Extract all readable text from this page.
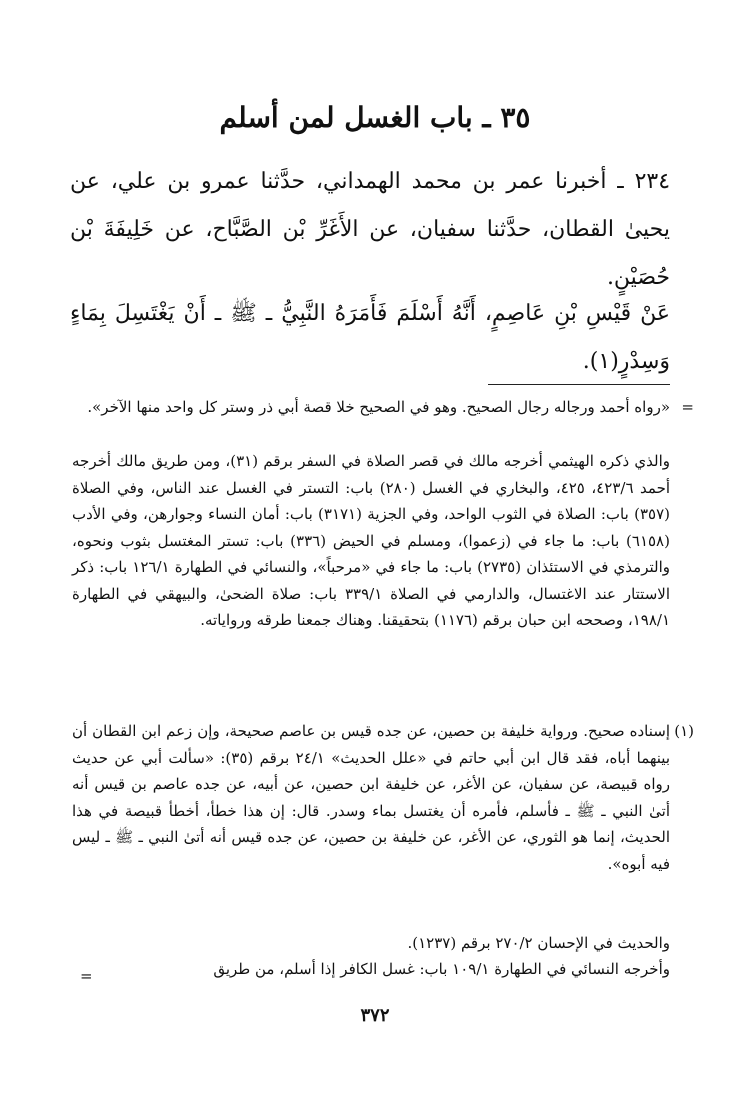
٣٥ ـ باب الغسل لمن أسلم

٢٣٤ ـ أخبرنا عمر بن محمد الهمداني، حدَّثنا عمرو بن علي، عن يحيىٰ القطان، حدَّثنا سفيان، عن الأَغَرِّ بْن الصَّبَّاح، عن خَلِيفَةَ بْن حُصَيْنٍ.

عَنْ قَيْسِ بْنِ عَاصِمٍ، أَنَّهُ أَسْلَمَ فَأَمَرَهُ النَّبِيُّ ـ ﷺ ـ أَنْ يَغْتَسِلَ بِمَاءٍ وَسِدْرٍ(١).

=

«رواه أحمد ورجاله رجال الصحيح. وهو في الصحيح خلا قصة أبي ذر وستر كل واحد منها الآخر».

والذي ذكره الهيثمي أخرجه مالك في قصر الصلاة في السفر برقم (٣١)، ومن طريق مالك أخرجه أحمد ٤٢٣/٦، ٤٢٥، والبخاري في الغسل (٢٨٠) باب: التستر في الغسل عند الناس، وفي الصلاة (٣٥٧) باب: الصلاة في الثوب الواحد، وفي الجزية (٣١٧١) باب: أمان النساء وجوارهن، وفي الأدب (٦١٥٨) باب: ما جاء في (زعموا)، ومسلم في الحيض (٣٣٦) باب: تستر المغتسل بثوب ونحوه، والترمذي في الاستئذان (٢٧٣٥) باب: ما جاء في «مرحباً»، والنسائي في الطهارة ١٢٦/١ باب: ذكر الاستتار عند الاغتسال، والدارمي في الصلاة ٣٣٩/١ باب: صلاة الضحىٰ، والبيهقي في الطهارة ١٩٨/١، وصححه ابن حبان برقم (١١٧٦) بتحقيقنا. وهناك جمعنا طرقه ورواياته.

(١)

إسناده صحيح. ورواية خليفة بن حصين، عن جده قيس بن عاصم صحيحة، وإن زعم ابن القطان أن بينهما أباه، فقد قال ابن أبي حاتم في «علل الحديث» ٢٤/١ برقم (٣٥): «سألت أبي عن حديث رواه قبيصة، عن سفيان، عن الأغر، عن خليفة ابن حصين، عن أبيه، عن جده عاصم بن قيس أنه أتىٰ النبي ـ ﷺ ـ فأسلم، فأمره أن يغتسل بماء وسدر. قال: إن هذا خطأ، أخطأ قبيصة في هذا الحديث، إنما هو الثوري، عن الأغر، عن خليفة بن حصين، عن جده قيس أنه أتىٰ النبي ـ ﷺ ـ ليس فيه أبوه».

والحديث في الإحسان ٢٧٠/٢ برقم (١٢٣٧).

وأخرجه النسائي في الطهارة ١٠٩/١ باب: غسل الكافر إذا أسلم، من طريق

=
٣٧٢
